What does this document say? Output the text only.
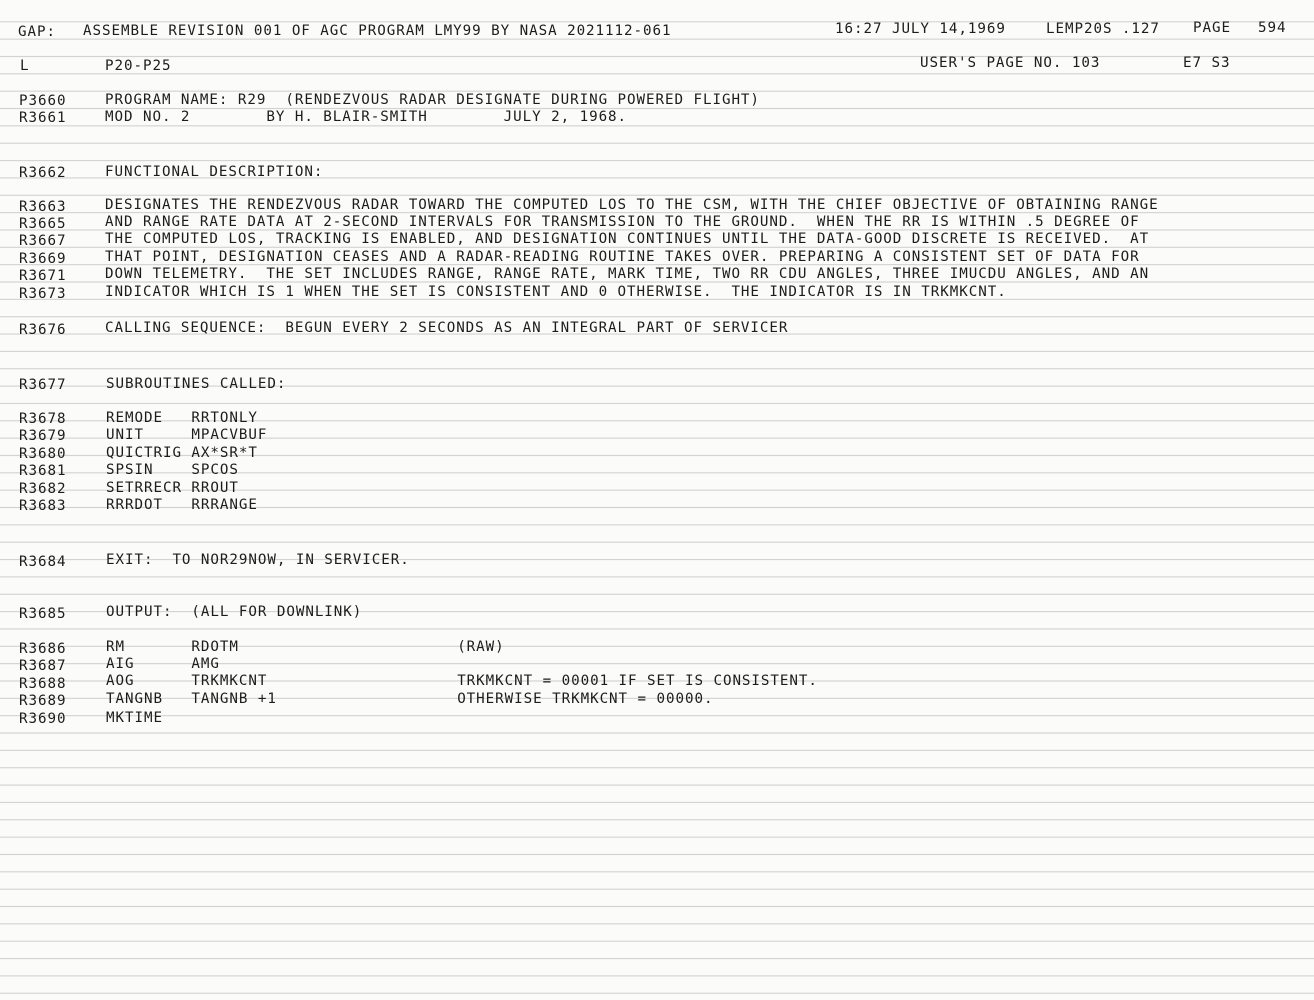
GAP: ASSEMBLE REVISION 001 OF AGC PROGRAM LMY99 BY NASA 2021112-061	16:27 JULY 14,1969	LEMP20S .127 PAGE 594
L	P20-P25	USER'S PAGE NO. 103	E7 S3
P3660	PROGRAM NAME: R29  (RENDEZVOUS RADAR DESIGNATE DURING POWERED FLIGHT)
R3661	MOD NO. 2        BY H. BLAIR-SMITH        JULY 2, 1968.
R3662	FUNCTIONAL DESCRIPTION:
R3663	DESIGNATES THE RENDEZVOUS RADAR TOWARD THE COMPUTED LOS TO THE CSM, WITH THE CHIEF OBJECTIVE OF OBTAINING RANGE
R3665	AND RANGE RATE DATA AT 2-SECOND INTERVALS FOR TRANSMISSION TO THE GROUND.  WHEN THE RR IS WITHIN .5 DEGREE OF
R3667	THE COMPUTED LOS, TRACKING IS ENABLED, AND DESIGNATION CONTINUES UNTIL THE DATA-GOOD DISCRETE IS RECEIVED.  AT
R3669	THAT POINT, DESIGNATION CEASES AND A RADAR-READING ROUTINE TAKES OVER. PREPARING A CONSISTENT SET OF DATA FOR
R3671	DOWN TELEMETRY.  THE SET INCLUDES RANGE, RANGE RATE, MARK TIME, TWO RR CDU ANGLES, THREE IMUCDU ANGLES, AND AN
R3673	INDICATOR WHICH IS 1 WHEN THE SET IS CONSISTENT AND 0 OTHERWISE.  THE INDICATOR IS IN TRKMKCNT.
R3676	CALLING SEQUENCE:  BEGUN EVERY 2 SECONDS AS AN INTEGRAL PART OF SERVICER
R3677	SUBROUTINES CALLED:
R3678	REMODE   RRTONLY
R3679	UNIT     MPACVBUF
R3680	QUICTRIG AX*SR*T
R3681	SPSIN    SPCOS
R3682	SETRRECR RROUT
R3683	RRRDOT   RRRANGE
R3684	EXIT:  TO NOR29NOW, IN SERVICER.
R3685	OUTPUT:  (ALL FOR DOWNLINK)
R3686	RM       RDOTM                       (RAW)
R3687	AIG      AMG
R3688	AOG      TRKMKCNT                    TRKMKCNT = 00001 IF SET IS CONSISTENT.
R3689	TANGNB   TANGNB +1                   OTHERWISE TRKMKCNT = 00000.
R3690	MKTIME
